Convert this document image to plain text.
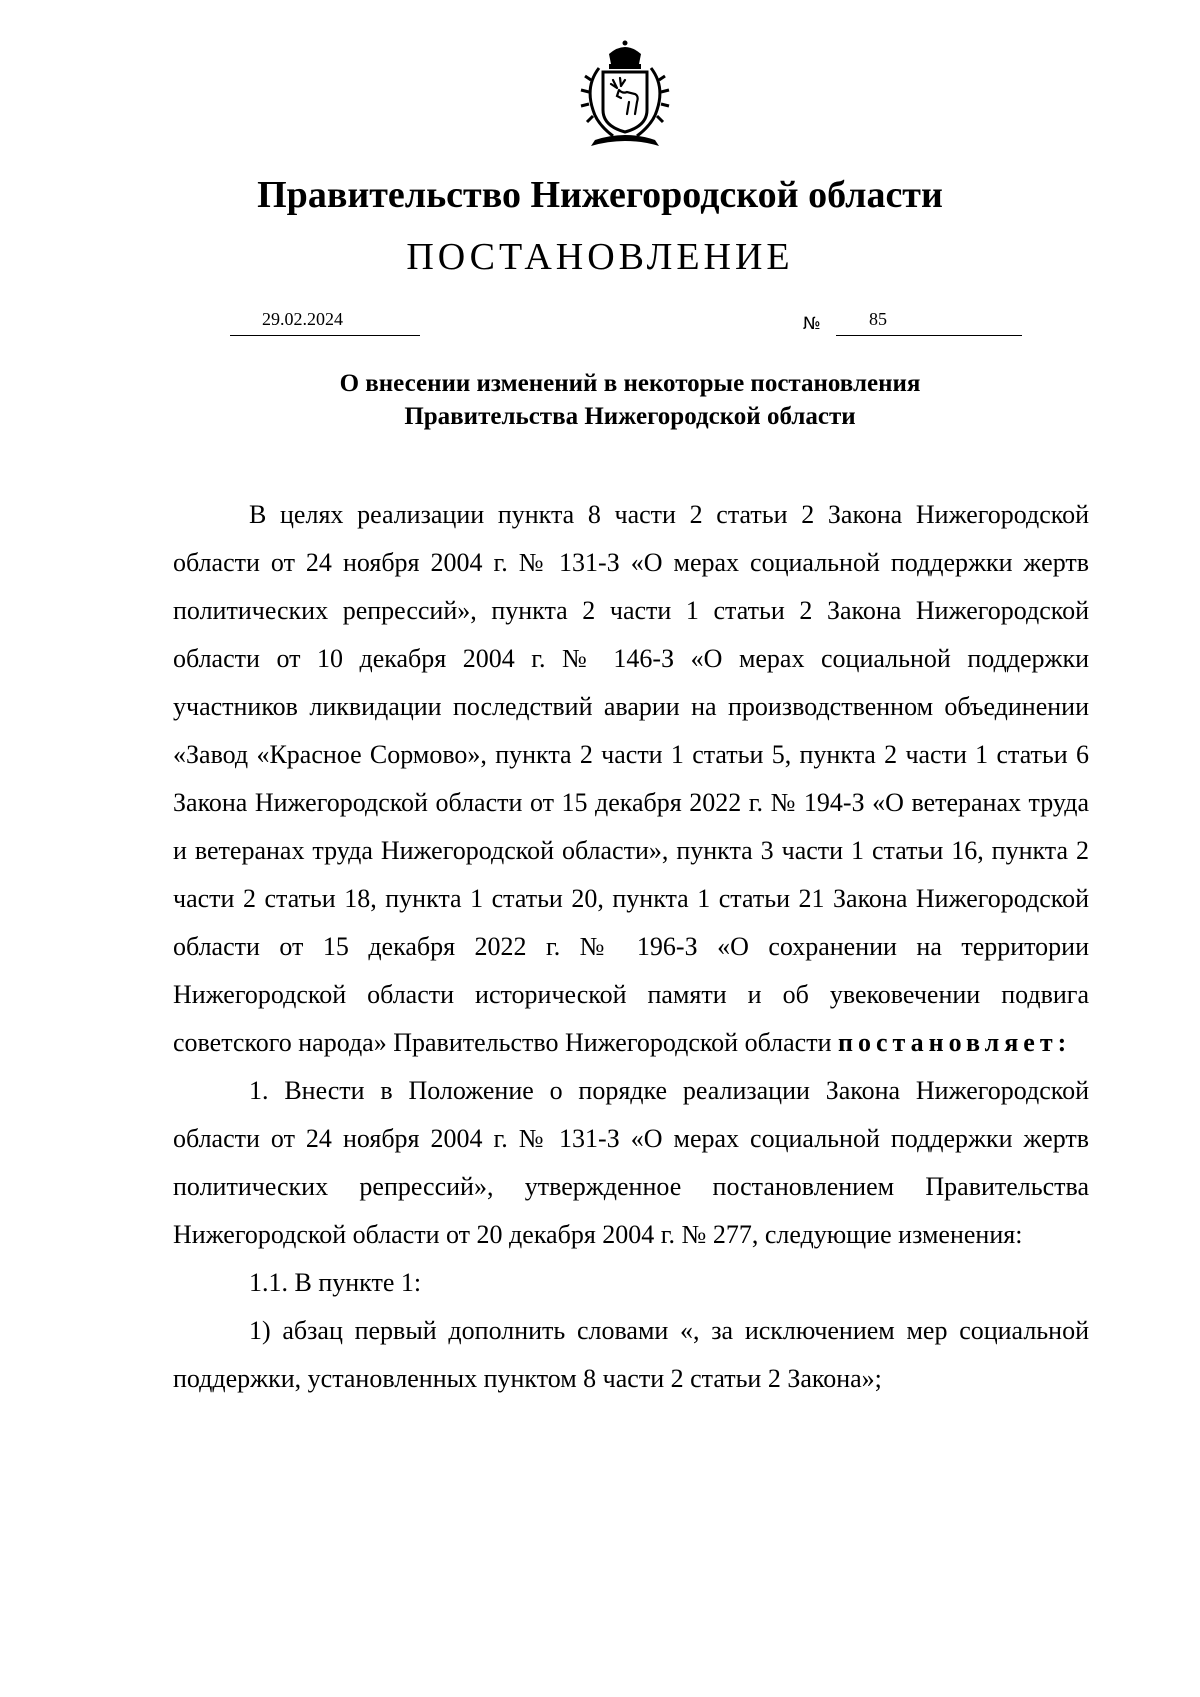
Правительство Нижегородской области
ПОСТАНОВЛЕНИЕ
29.02.2024	№	85
О внесении изменений в некоторые постановления
Правительства Нижегородской области

В целях реализации пункта 8 части 2 статьи 2 Закона Нижегородской области от 24 ноября 2004 г. № 131-З «О мерах социальной поддержки жертв политических репрессий», пункта 2 части 1 статьи 2 Закона Нижегородской области от 10 декабря 2004 г. № 146-З «О мерах социальной поддержки участников ликвидации последствий аварии на производственном объединении «Завод «Красное Сормово», пункта 2 части 1 статьи 5, пункта 2 части 1 статьи 6 Закона Нижегородской области от 15 декабря 2022 г. № 194-З «О ветеранах труда и ветеранах труда Нижегородской области», пункта 3 части 1 статьи 16, пункта 2 части 2 статьи 18, пункта 1 статьи 20, пункта 1 статьи 21 Закона Нижегородской области от 15 декабря 2022 г. № 196-З «О сохранении на территории Нижегородской области исторической памяти и об увековечении подвига советского народа» Правительство Нижегородской области постановляет:

1. Внести в Положение о порядке реализации Закона Нижегородской области от 24 ноября 2004 г. № 131-З «О мерах социальной поддержки жертв политических репрессий», утвержденное постановлением Правительства Нижегородской области от 20 декабря 2004 г. № 277, следующие изменения:

1.1. В пункте 1:

1) абзац первый дополнить словами «, за исключением мер социальной поддержки, установленных пунктом 8 части 2 статьи 2 Закона»;
